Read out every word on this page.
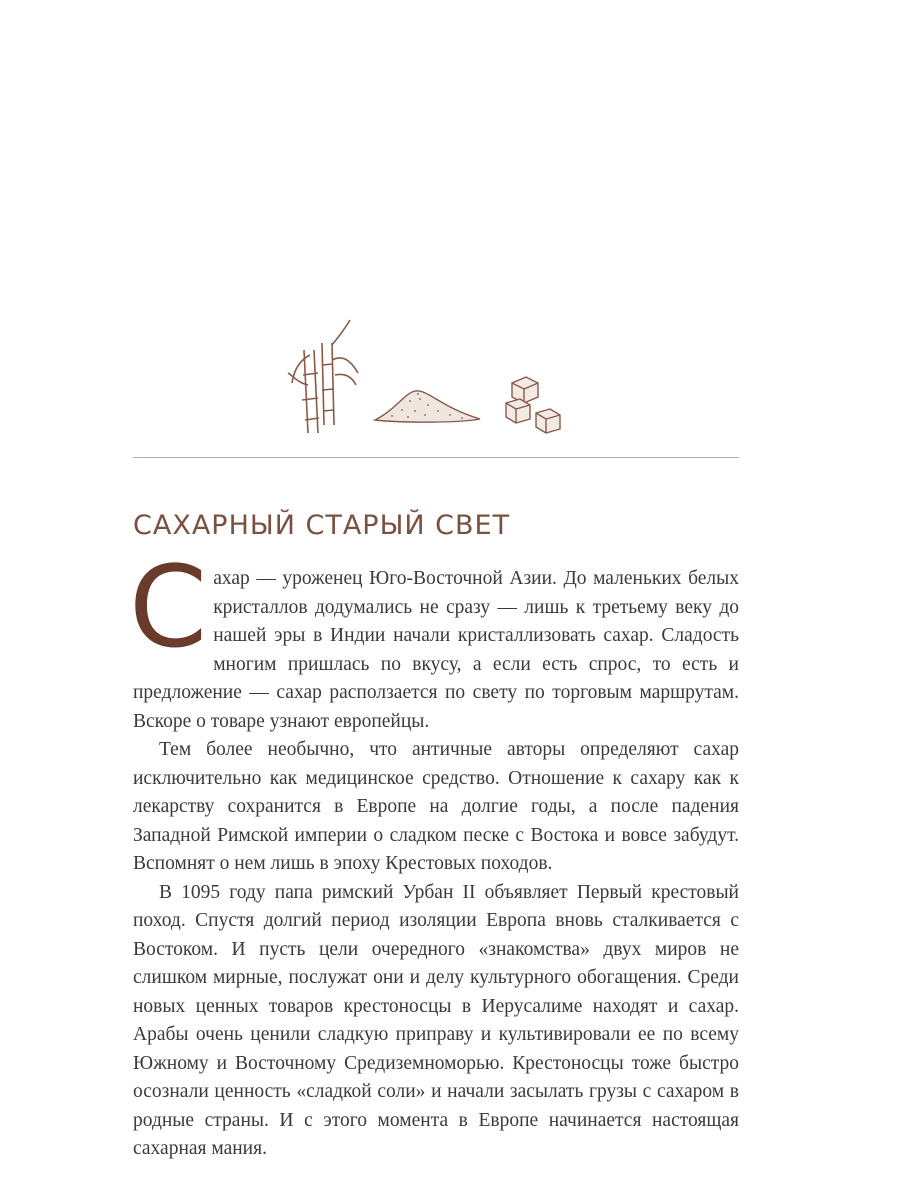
САХАРНЫЙ СТАРЫЙ СВЕТ

Сахар — уроженец Юго-Восточной Азии. До маленьких белых кристаллов додумались не сразу — лишь к третьему веку до нашей эры в Индии начали кристаллизовать сахар. Сладость многим пришлась по вкусу, а если есть спрос, то есть и предложение — сахар расползается по свету по торговым маршрутам. Вскоре о товаре узнают европейцы.

Тем более необычно, что античные авторы определяют сахар исключительно как медицинское средство. Отношение к сахару как к лекарству сохранится в Европе на долгие годы, а после падения Западной Римской империи о сладком песке с Востока и вовсе забудут. Вспомнят о нем лишь в эпоху Крестовых походов.

В 1095 году папа римский Урбан II объявляет Первый крестовый поход. Спустя долгий период изоляции Европа вновь сталкивается с Востоком. И пусть цели очередного «знакомства» двух миров не слишком мирные, послужат они и делу культурного обогащения. Среди новых ценных товаров крестоносцы в Иерусалиме находят и сахар. Арабы очень ценили сладкую приправу и культивировали ее по всему Южному и Восточному Средиземноморью. Крестоносцы тоже быстро осознали ценность «сладкой соли» и начали засылать грузы с сахаром в родные страны. И с этого момента в Европе начинается настоящая сахарная мания.
